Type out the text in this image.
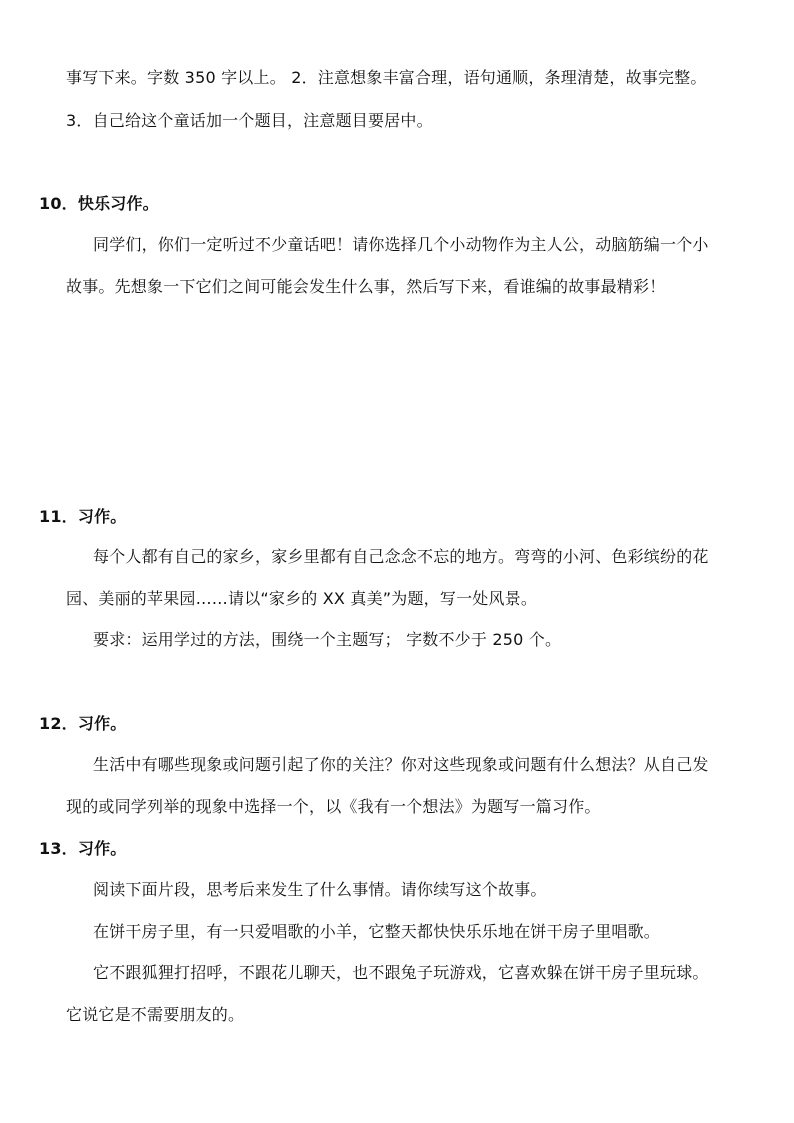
事写下来。字数 350 字以上。 2．注意想象丰富合理，语句通顺，条理清楚，故事完整。
3．自己给这个童话加一个题目，注意题目要居中。
10．快乐习作。
同学们，你们一定听过不少童话吧！请你选择几个小动物作为主人公，动脑筋编一个小
故事。先想象一下它们之间可能会发生什么事，然后写下来，看谁编的故事最精彩！
11．习作。
每个人都有自己的家乡，家乡里都有自己念念不忘的地方。弯弯的小河、色彩缤纷的花
园、美丽的苹果园……请以“家乡的 XX 真美”为题，写一处风景。
要求：运用学过的方法，围绕一个主题写； 字数不少于 250 个。
12．习作。
生活中有哪些现象或问题引起了你的关注？你对这些现象或问题有什么想法？从自己发
现的或同学列举的现象中选择一个，以《我有一个想法》为题写一篇习作。
13．习作。
阅读下面片段，思考后来发生了什么事情。请你续写这个故事。
在饼干房子里，有一只爱唱歌的小羊，它整天都快快乐乐地在饼干房子里唱歌。
它不跟狐狸打招呼，不跟花儿聊天，也不跟兔子玩游戏，它喜欢躲在饼干房子里玩球。
它说它是不需要朋友的。
